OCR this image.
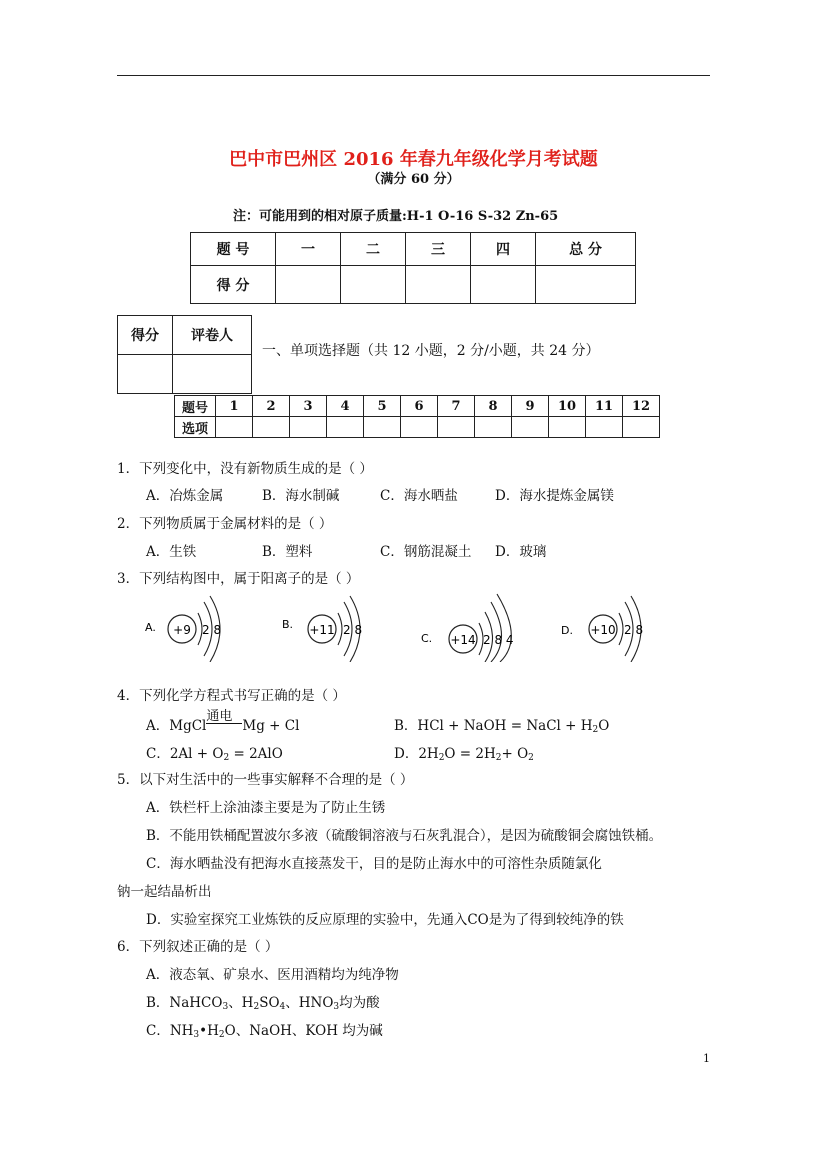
巴中市巴州区 2016 年春九年级化学月考试题
（满分 60 分）
注：可能用到的相对原子质量:H-1 O-16 S-32 Zn-65
题 号	一	二	三	四	总 分
得 分					
得分	评卷人

一、单项选择题（共 12 小题，2 分/小题，共 24 分）
题号	1	2	3	4	5	6	7	8	9	10	11	12
选项												
1．下列变化中，没有新物质生成的是（ ）
A．冶炼金属	B．海水制碱	C．海水晒盐	D．海水提炼金属镁
2．下列物质属于金属材料的是（ ）
A．生铁	B．塑料	C．钢筋混凝土 D．玻璃
3．下列结构图中，属于阳离子的是（ ）
A. +9 2 8	B. +11 2 8
C. +14 2 8 4
D. +10 2 8
4．下列化学方程式书写正确的是（ ）
A．MgCl
通电
Mg + Cl	B．HCl + NaOH = NaCl + $H_2O$
C．$2Al + O_2 = 2AlO$	D．$2H_2O = 2H_2+ O_2$
5．以下对生活中的一些事实解释不合理的是（ ）
A．铁栏杆上涂油漆主要是为了防止生锈
B．不能用铁桶配置波尔多液（硫酸铜溶液与石灰乳混合），是因为硫酸铜会腐蚀铁桶。
C．海水晒盐没有把海水直接蒸发干，目的是防止海水中的可溶性杂质随氯化
钠一起结晶析出
D．实验室探究工业炼铁的反应原理的实验中，先通入CO是为了得到较纯净的铁
6．下列叙述正确的是（ ）
A．液态氧、矿泉水、医用酒精均为纯净物
B．NaHCO$_3$、$H_2SO_4$、$HNO_3$均为酸
C．$NH_3•H_2O$、NaOH、KOH 均为碱
1
